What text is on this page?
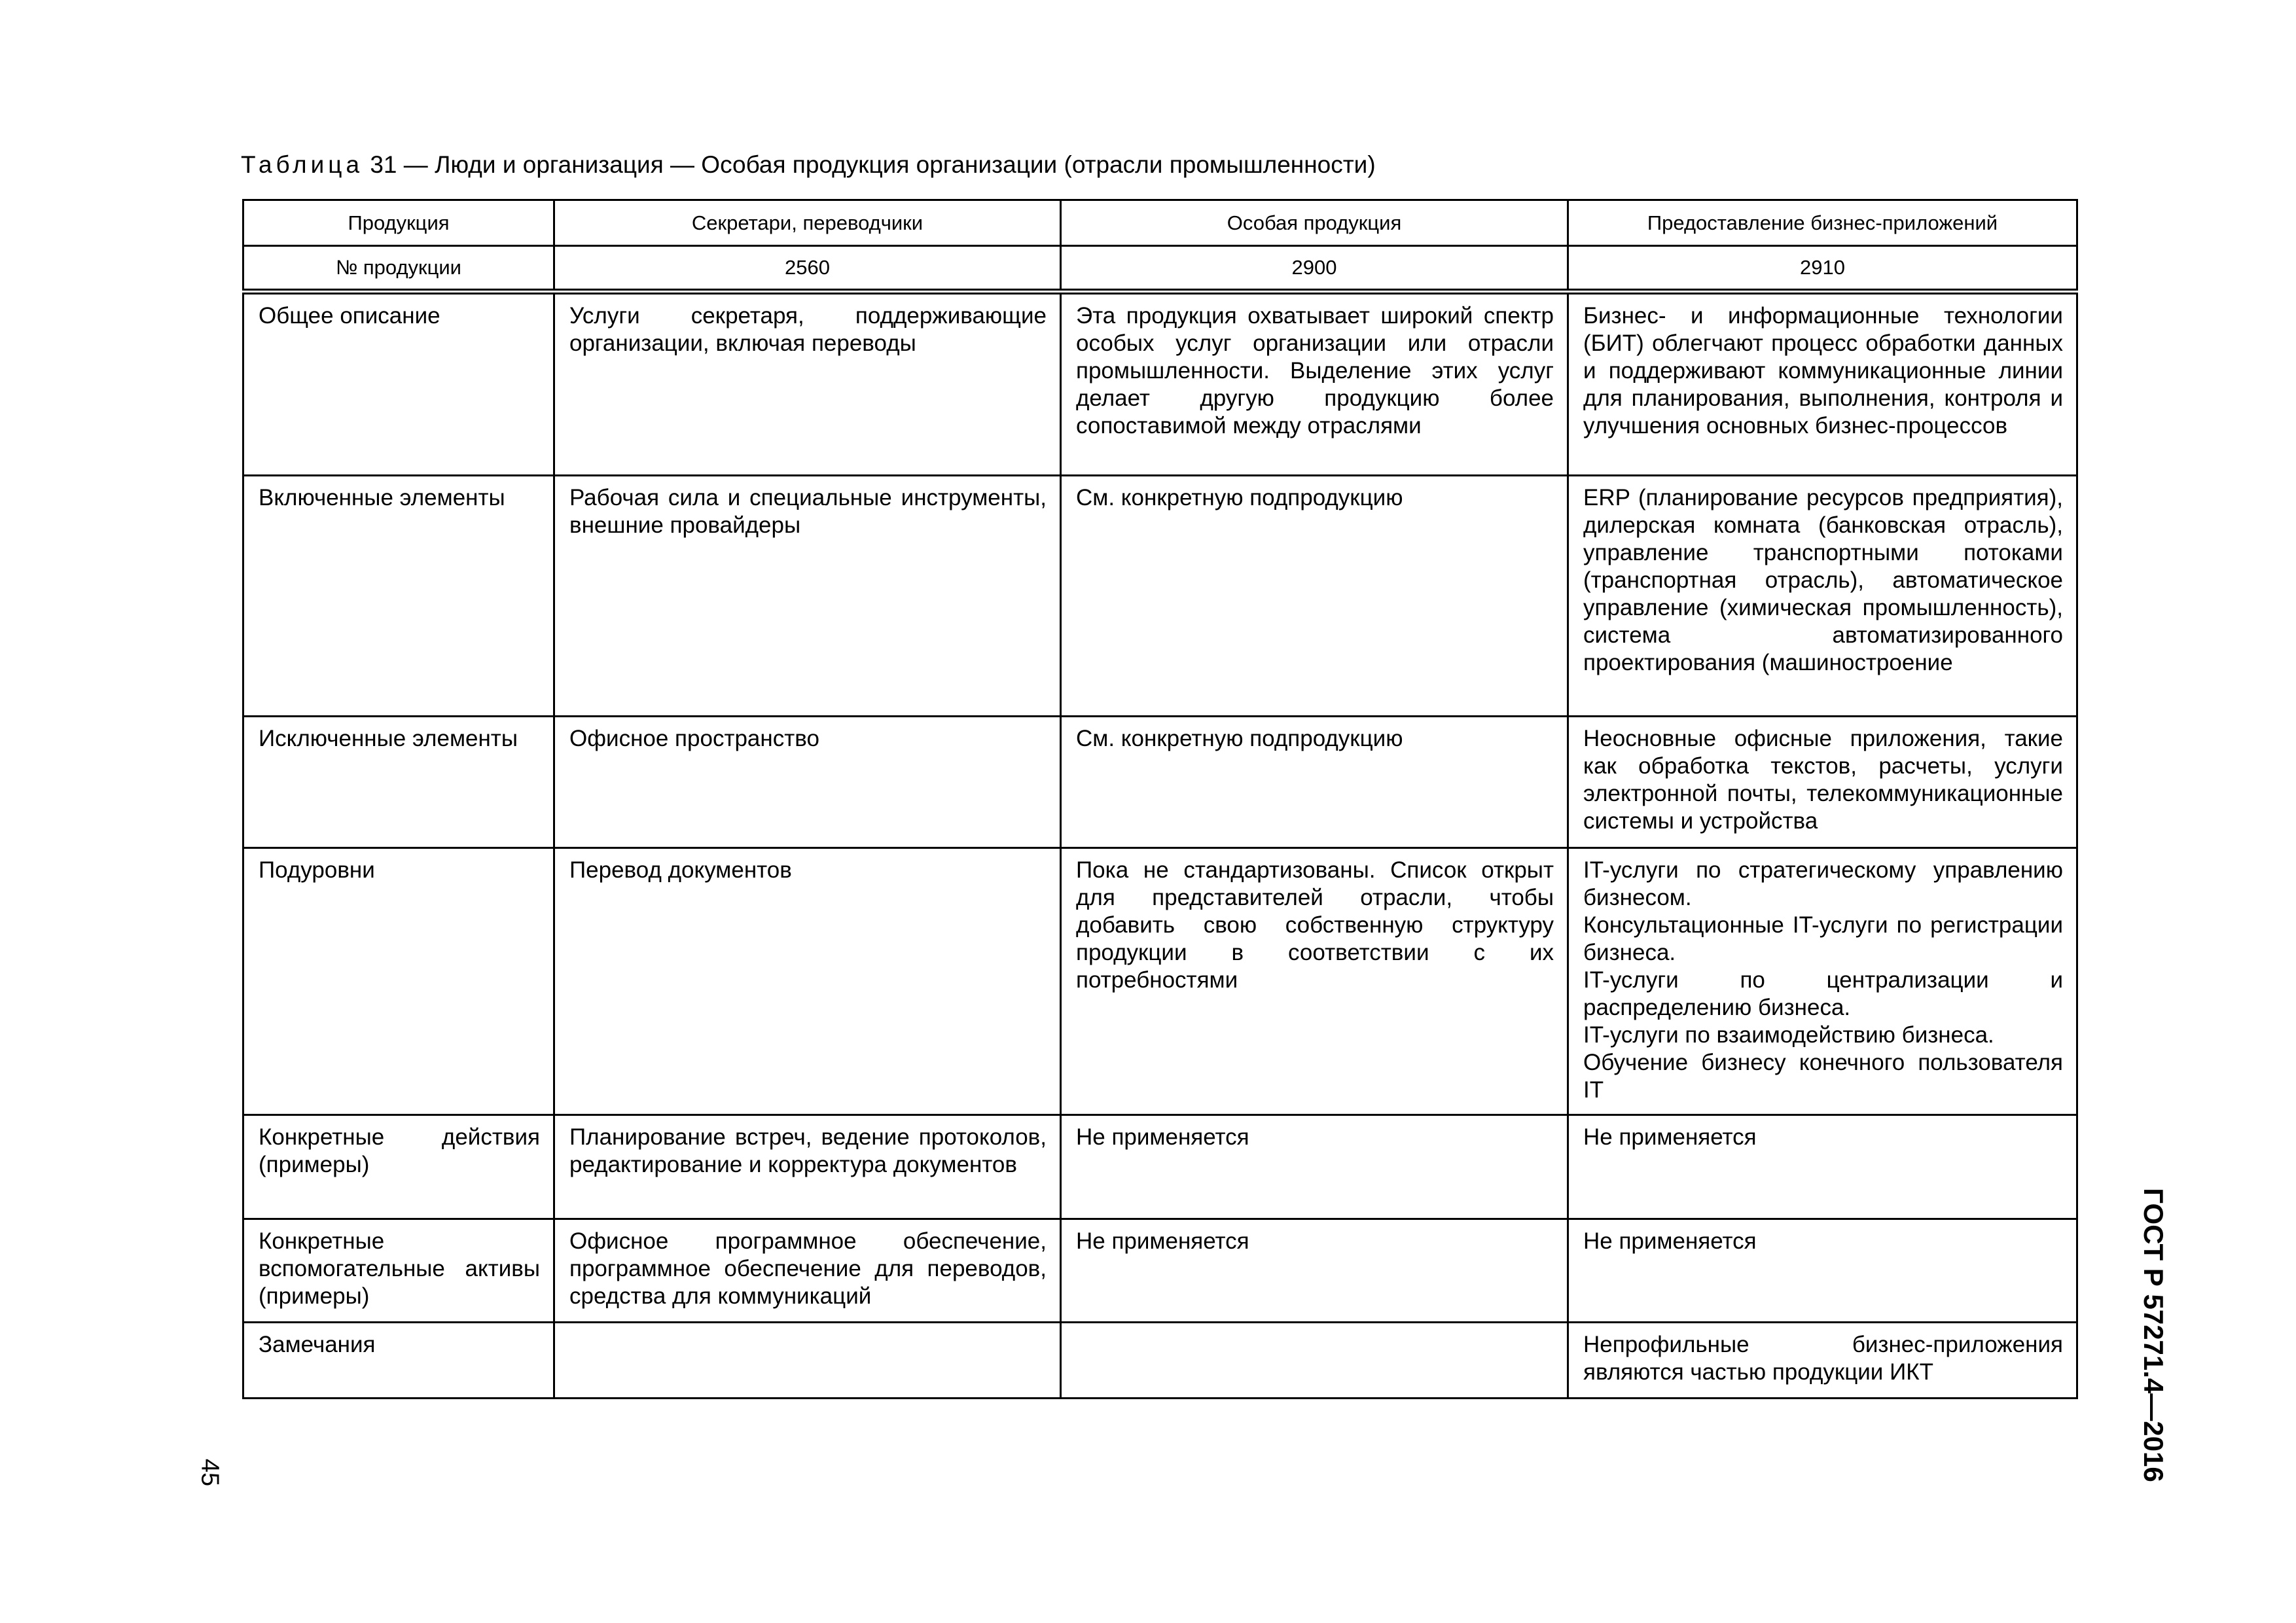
Таблица 31 — Люди и организация — Особая продукция организации (отрасли промышленности)
Продукция	Секретари, переводчики	Особая продукция	Предоставление бизнес-приложений
№ продукции	2560	2900	2910
Общее описание	Услуги секретаря, поддерживающие организации, включая переводы	Эта продукция охватывает широкий спектр особых услуг организации или отрасли промышленности. Выделение этих услуг делает другую продукцию более сопоставимой между отраслями	Бизнес- и информационные технологии (БИТ) облегчают процесс обработки данных и поддерживают коммуникационные линии для планирования, выполнения, контроля и улучшения основных бизнес-процессов
Включенные элементы	Рабочая сила и специальные инструменты, внешние провайдеры	См. конкретную подпродукцию	ERP (планирование ресурсов предприятия), дилерская комната (банковская отрасль), управление транспортными потоками (транспортная отрасль), автоматическое управление (химическая промышленность), система автоматизированного проектирования (машиностроение
Исключенные элементы	Офисное пространство	См. конкретную подпродукцию	Неосновные офисные приложения, такие как обработка текстов, расчеты, услуги электронной почты, телекоммуникационные системы и устройства
Подуровни	Перевод документов	Пока не стандартизованы. Список открыт для представителей отрасли, чтобы добавить свою собственную структуру продукции в соответствии с их потребностями	IT-услуги по стратегическому управлению бизнесом.
Консультационные IT-услуги по регистрации бизнеса.
IT-услуги по централизации и распределению бизнеса.
IT-услуги по взаимодействию бизнеса.
Обучение бизнесу конечного пользователя IT

Конкретные действия (примеры)	Планирование встреч, ведение протоколов, редактирование и корректура документов	Не применяется	Не применяется
Конкретные вспомогательные активы (примеры)	Офисное программное обеспечение, программное обеспечение для переводов, средства для коммуникаций	Не применяется	Не применяется
Замечания			Непрофильные бизнес-приложения являются частью продукции ИКТ	ГОСТ Р 57271.4—2016
45
